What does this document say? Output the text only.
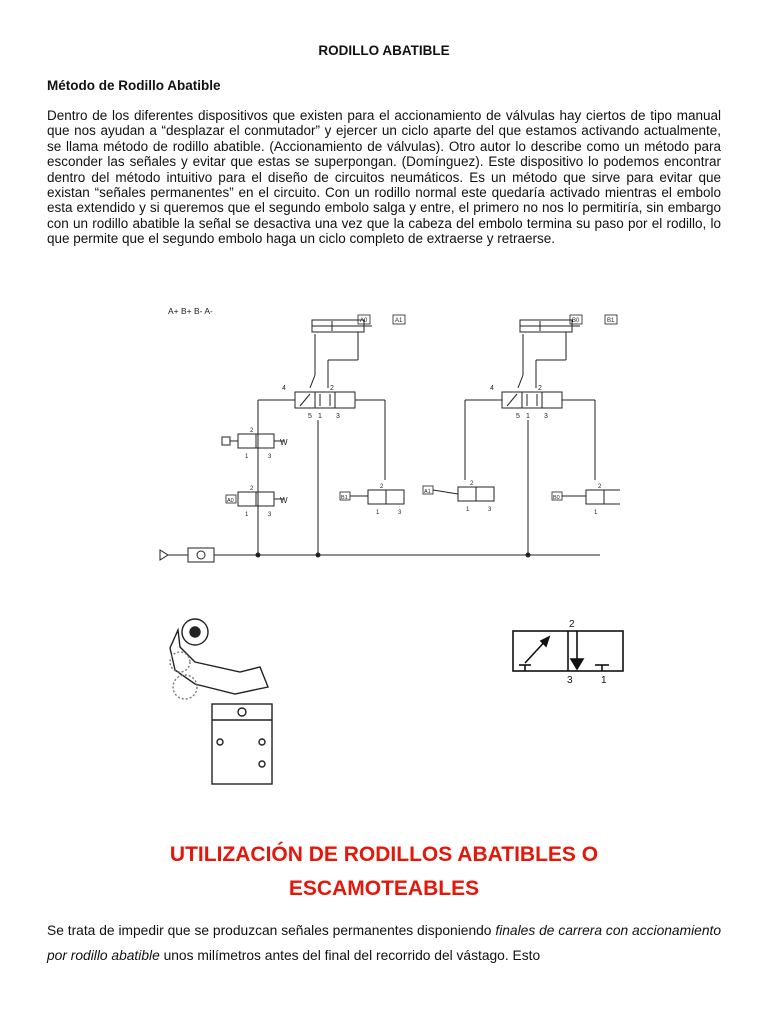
RODILLO ABATIBLE
Método de Rodillo Abatible
Dentro de los diferentes dispositivos que existen para el accionamiento de válvulas hay ciertos de tipo manual que nos ayudan a “desplazar el conmutador” y ejercer un ciclo aparte del que estamos activando actualmente, se llama método de rodillo abatible. (Accionamiento de válvulas). Otro autor lo describe como un método para esconder las señales y evitar que estas se superpongan. (Domínguez). Este dispositivo lo podemos encontrar dentro del método intuitivo para el diseño de circuitos neumáticos. Es un método que sirve para evitar que existan “señales permanentes” en el circuito. Con un rodillo normal este quedaría activado mientras el embolo esta extendido y si queremos que el segundo embolo salga y entre, el primero no nos lo permitiría, sin embargo con un rodillo abatible la señal se desactiva una vez que la cabeza del embolo termina su paso por el rodillo, lo que permite que el segundo embolo haga un ciclo completo de extraerse y retraerse.
A+ B+ B- A-
A0	A1
4	2
5 1 3
B0	B1
4	2
5 1 3
W
2
1	3
A0	W
2
1	3
B1
2
1	3
A1
2
1	3
B0
2
1
2
3	1
UTILIZACIÓN DE RODILLOS ABATIBLES O ESCAMOTEABLES
Se trata de impedir que se produzcan señales permanentes disponiendo finales de carrera con accionamiento por rodillo abatible unos milímetros antes del final del recorrido del vástago. Esto
